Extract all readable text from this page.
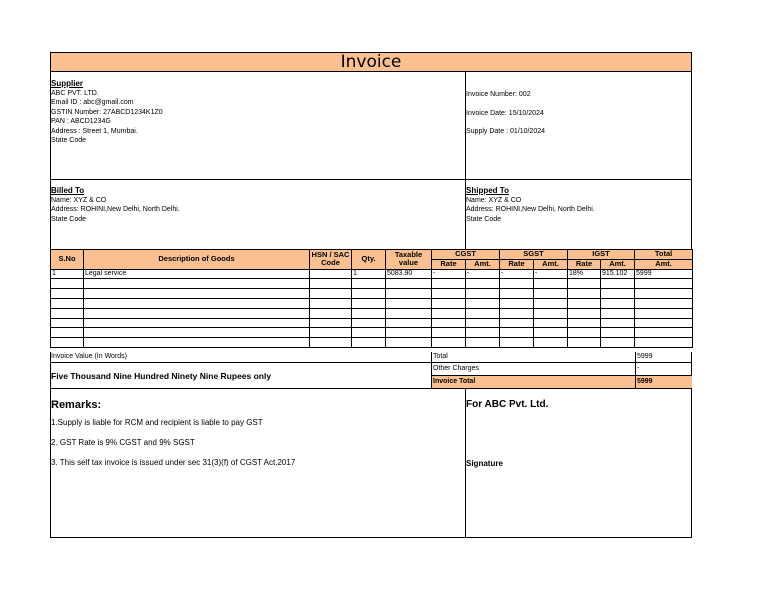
Invoice
Supplier
ABC PVT. LTD.
Email ID : abc@gmail.com
GSTIN Number: 27ABCD1234K1Z0
PAN : ABCD1234G
Address : Street 1, Mumbai.
State Code
Invoice Number: 002
Invoice Date: 15/10/2024
Supply Date : 01/10/2024
Billed To
Name: XYZ & CO
Address: ROHINI,New Delhi, North Delhi.
State Code
Shipped To
Name: XYZ & CO
Address: ROHINI,New Delhi, North Delhi.
State Code
S.No	Description of Goods	HSN / SAC Code	Qty.	Taxable value	CGST		SGST		IGST		Total
					Rate	Amt.	Rate	Amt.	Rate	Amt.	Amt.
1	Legal service		1	5083.90	-	-	-	-	18%	915.102	5999

Invoice Value (In Words)
Five Thousand Nine Hundred Ninety Nine Rupees only
Total	5999
Other Charges	-
Invoice Total	5999
Remarks:
1.Supply is liable for RCM and recipient is liable to pay GST
2. GST Rate is 9% CGST and 9% SGST
3. This self tax invoice is issued under sec 31(3)(f) of CGST Act,2017
For ABC Pvt. Ltd.
Signature
